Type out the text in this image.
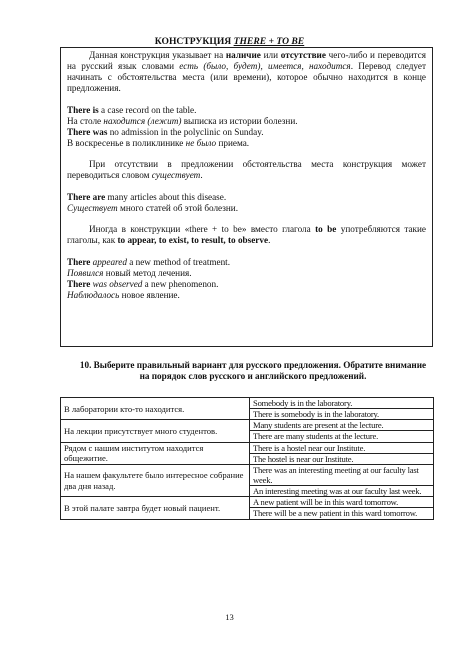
КОНСТРУКЦИЯ THERE + TO BE

Данная конструкция указывает на наличие или отсутствие чего-либо и переводится на русский язык словами есть (было, будет), имеется, находится. Перевод следует начинать с обстоятельства места (или времени), которое обычно находится в конце предложения.

There is a case record on the table.
На столе находится (лежит) выписка из истории болезни.
There was no admission in the polyclinic on Sunday.
В воскресенье в поликлинике не было приема.

При отсутствии в предложении обстоятельства места конструкция может переводиться словом существует.

There are many articles about this disease.
Существует много статей об этой болезни.

Иногда в конструкции «there + to be» вместо глагола to be употребляются такие глаголы, как to appear, to exist, to result, to observe.

There appeared a new method of treatment.
Появился новый метод лечения.
There was observed a new phenomenon.
Наблюдалось новое явление.
10. Выберите правильный вариант для русского предложения. Обратите внимание на порядок слов русского и английского предложений.
В лаборатории кто-то находится.	Somebody is in the laboratory.
	There is somebody is in the laboratory.
На лекции присутствует много студентов.	Many students are present at the lecture.
	There are many students at the lecture.
Рядом с нашим институтом находится общежитие.	There is a hostel near our Institute.
	The hostel is near our Institute.
На нашем факультете было интересное собрание два дня назад.	There was an interesting meeting at our faculty last week.
	An interesting meeting was at our faculty last week.
В этой палате завтра будет новый пациент.	A new patient will be in this ward tomorrow.
	There will be a new patient in this ward tomorrow.
13
